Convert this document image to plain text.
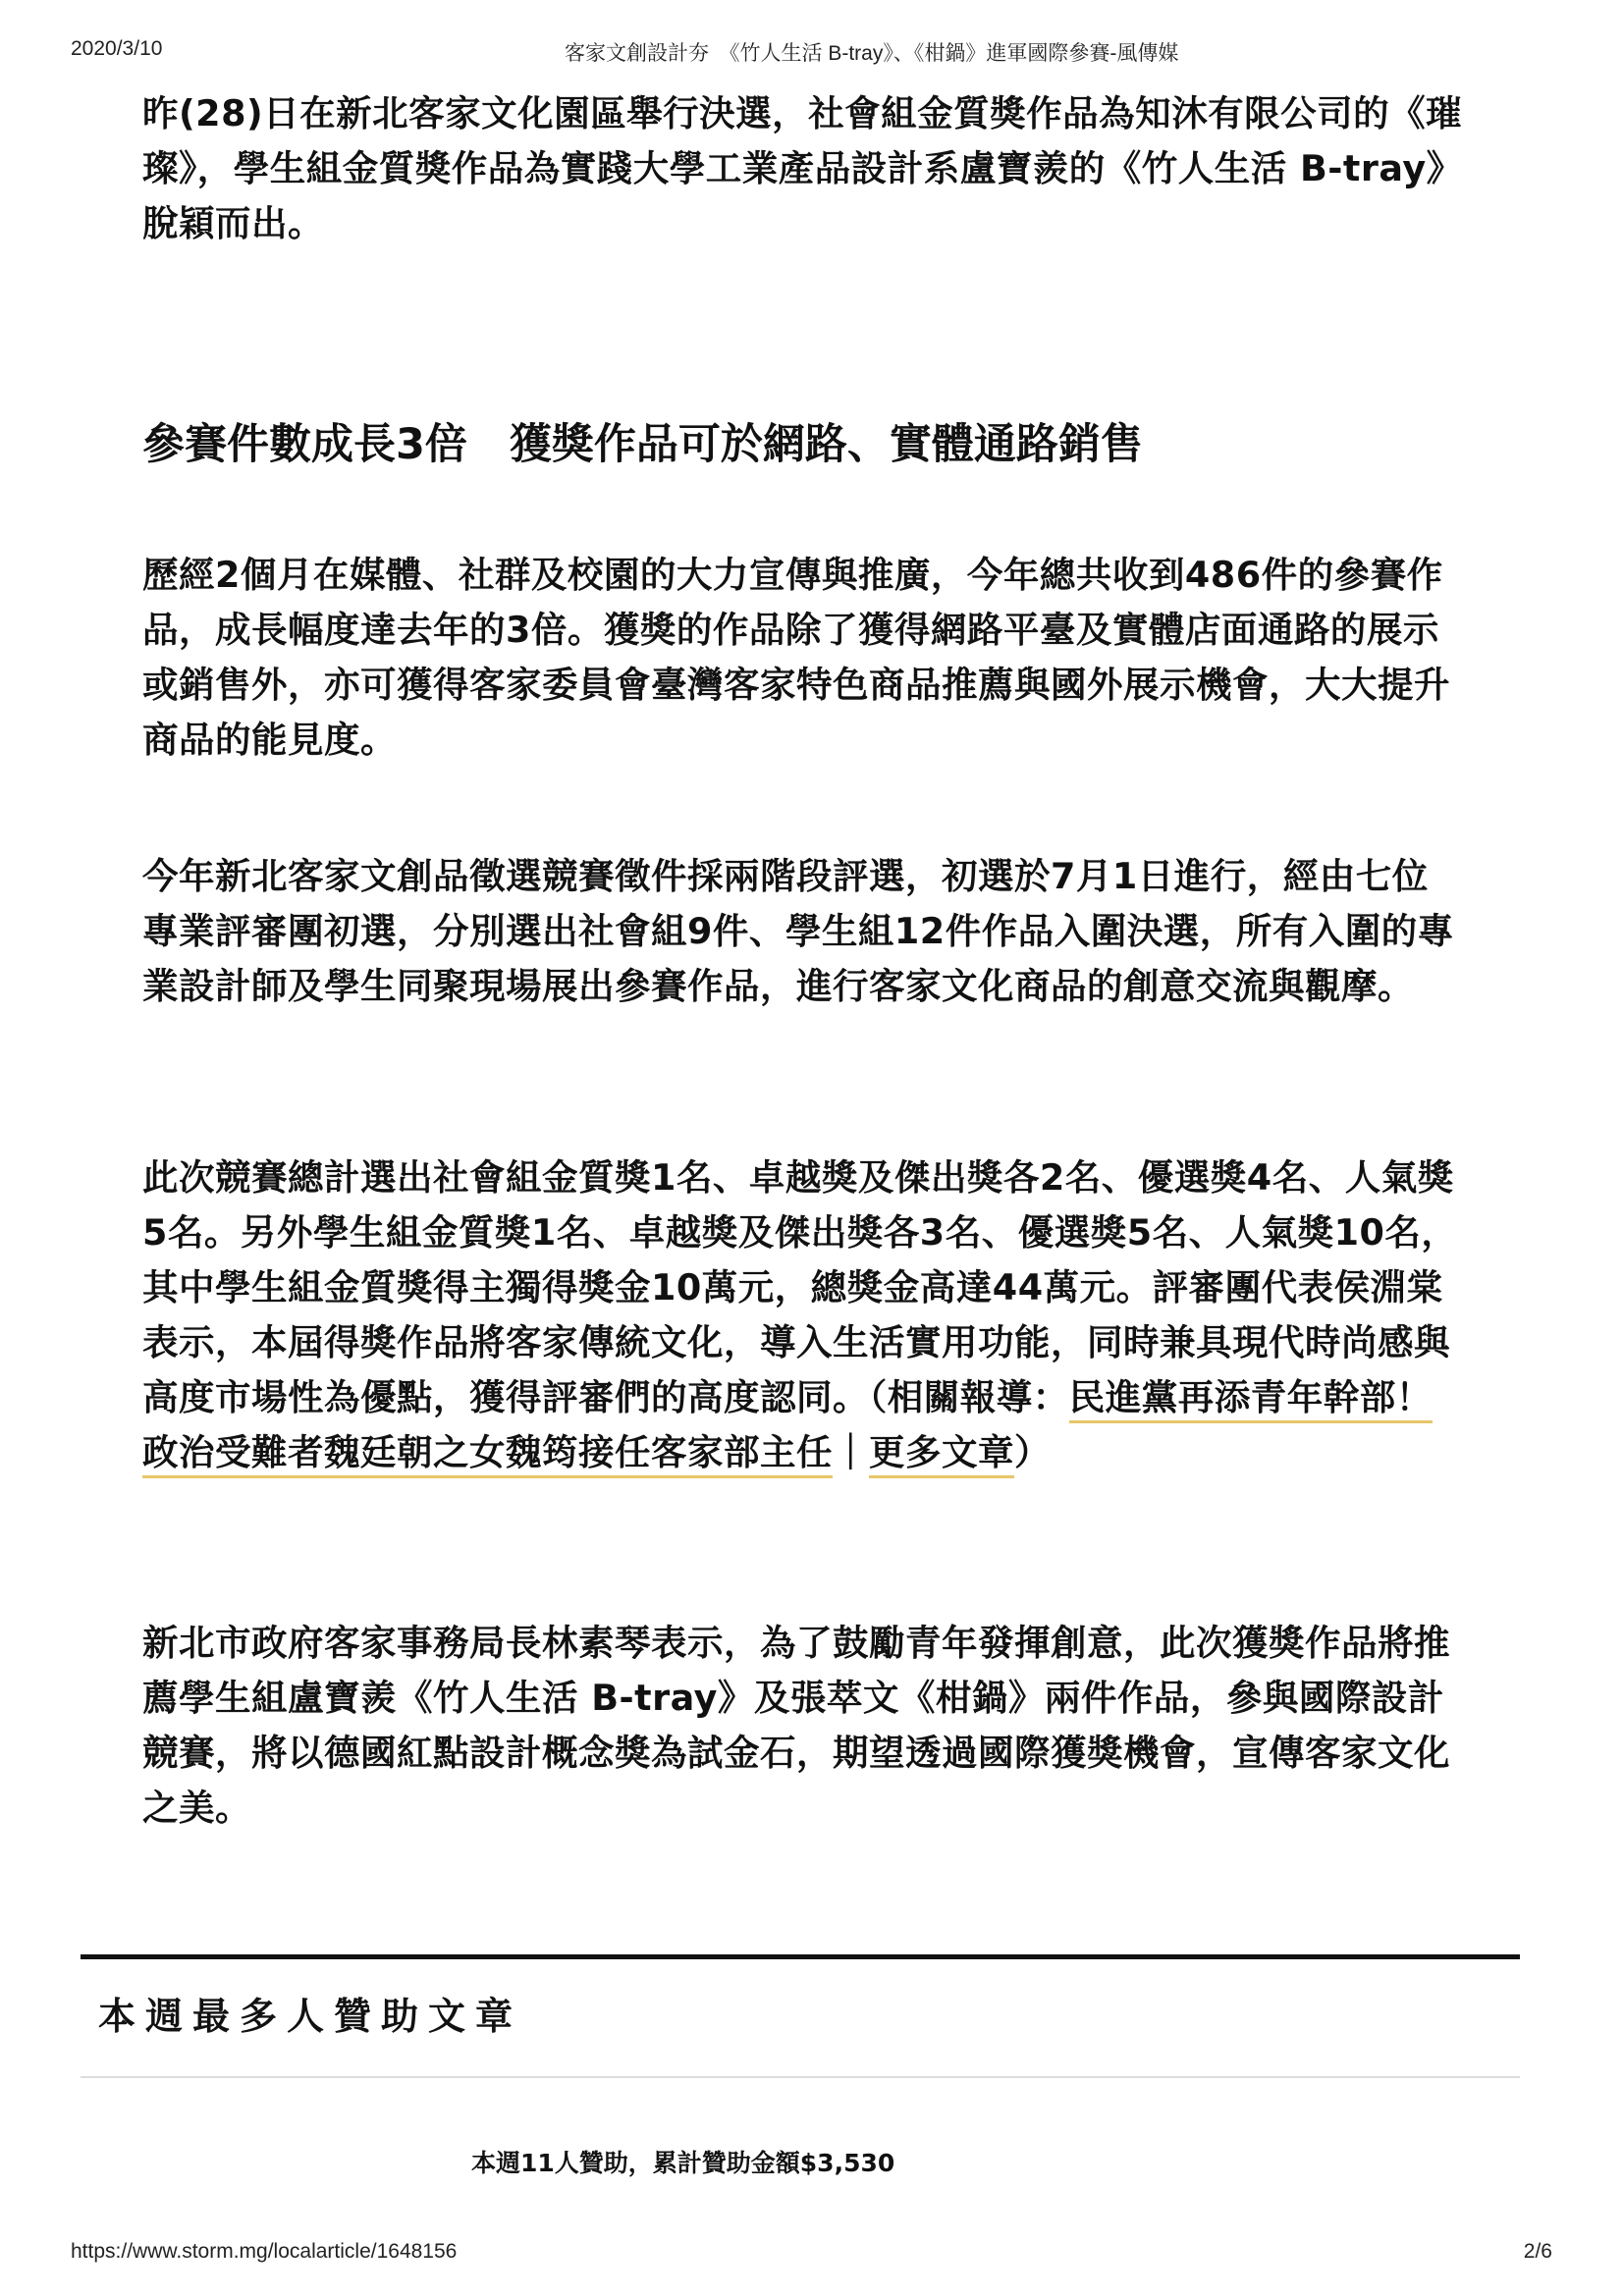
2020/3/10	客家文創設計夯　《竹人生活 B-tray》、《柑鍋》進軍國際參賽-風傳媒

昨(28)日在新北客家文化園區舉行決選，社會組金質獎作品為知沐有限公司的《璀璨》，學生組金質獎作品為實踐大學工業產品設計系盧寶羨的《竹人生活 B-tray》脫穎而出。

參賽件數成長3倍　獲獎作品可於網路、實體通路銷售

歷經2個月在媒體、社群及校園的大力宣傳與推廣，今年總共收到486件的參賽作品，成長幅度達去年的3倍。獲獎的作品除了獲得網路平臺及實體店面通路的展示或銷售外，亦可獲得客家委員會臺灣客家特色商品推薦與國外展示機會，大大提升商品的能見度。

今年新北客家文創品徵選競賽徵件採兩階段評選，初選於7月1日進行，經由七位專業評審團初選，分別選出社會組9件、學生組12件作品入圍決選，所有入圍的專業設計師及學生同聚現場展出參賽作品，進行客家文化商品的創意交流與觀摩。

此次競賽總計選出社會組金質獎1名、卓越獎及傑出獎各2名、優選獎4名、人氣獎5名。另外學生組金質獎1名、卓越獎及傑出獎各3名、優選獎5名、人氣獎10名，其中學生組金質獎得主獨得獎金10萬元，總獎金高達44萬元。評審團代表侯淵棠表示，本屆得獎作品將客家傳統文化，導入生活實用功能，同時兼具現代時尚感與高度市場性為優點，獲得評審們的高度認同。（相關報導：民進黨再添青年幹部！政治受難者魏廷朝之女魏筠接任客家部主任｜更多文章）

新北市政府客家事務局長林素琴表示，為了鼓勵青年發揮創意，此次獲獎作品將推薦學生組盧寶羨《竹人生活 B-tray》及張萃文《柑鍋》兩件作品，參與國際設計競賽，將以德國紅點設計概念獎為試金石，期望透過國際獲獎機會，宣傳客家文化之美。

本週最多人贊助文章
本週11人贊助，累計贊助金額$3,530
https://www.storm.mg/localarticle/1648156	2/6
